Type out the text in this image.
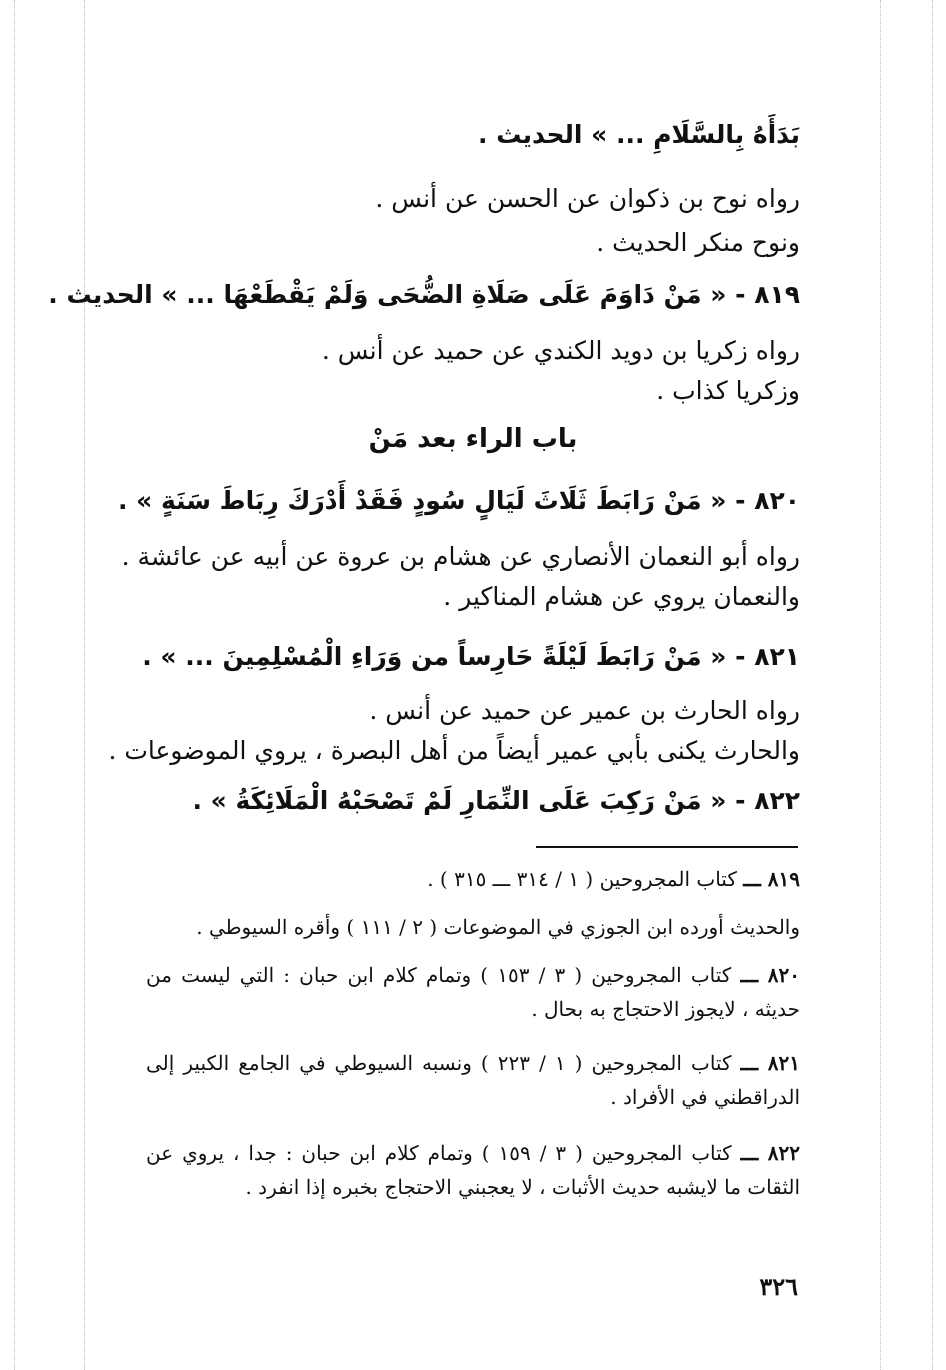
بَدَأَهُ بِالسَّلَامِ ... » الحديث .
رواه نوح بن ذكوان عن الحسن عن أنس .
ونوح منكر الحديث .
٨١٩ - « مَنْ دَاوَمَ عَلَى صَلَاةِ الضُّحَى وَلَمْ يَقْطَعْهَا ... » الحديث .
رواه زكريا بن دويد الكندي عن حميد عن أنس .
وزكريا كذاب .
باب الراء بعد مَنْ
٨٢٠ - « مَنْ رَابَطَ ثَلَاثَ لَيَالٍ سُودٍ فَقَدْ أَدْرَكَ رِبَاطَ سَنَةٍ » .
رواه أبو النعمان الأنصاري عن هشام بن عروة عن أبيه عن عائشة .
والنعمان يروي عن هشام المناكير .
٨٢١ - « مَنْ رَابَطَ لَيْلَةً حَارِساً من وَرَاءِ الْمُسْلِمِينَ ... » .
رواه الحارث بن عمير عن حميد عن أنس .
والحارث يكنى بأبي عمير أيضاً من أهل البصرة ، يروي الموضوعات .
٨٢٢ - « مَنْ رَكِبَ عَلَى النِّمَارِ لَمْ تَصْحَبْهُ الْمَلَائِكَةُ » .
٨١٩ ـــ كتاب المجروحين ( ١ / ٣١٤ ـــ ٣١٥ ) .
والحديث أورده ابن الجوزي في الموضوعات ( ٢ / ١١١ ) وأقره السيوطي .
٨٢٠ ـــ كتاب المجروحين ( ٣ / ١٥٣ ) وتمام كلام ابن حبان : التي ليست من حديثه ، لايجوز الاحتجاج به بحال .
٨٢١ ـــ كتاب المجروحين ( ١ / ٢٢٣ ) ونسبه السيوطي في الجامع الكبير إلى الدراقطني في الأفراد .
٨٢٢ ـــ كتاب المجروحين ( ٣ / ١٥٩ ) وتمام كلام ابن حبان : جدا ، يروي عن الثقات ما لايشبه حديث الأثبات ، لا يعجبني الاحتجاج بخبره إذا انفرد .
٣٢٦
